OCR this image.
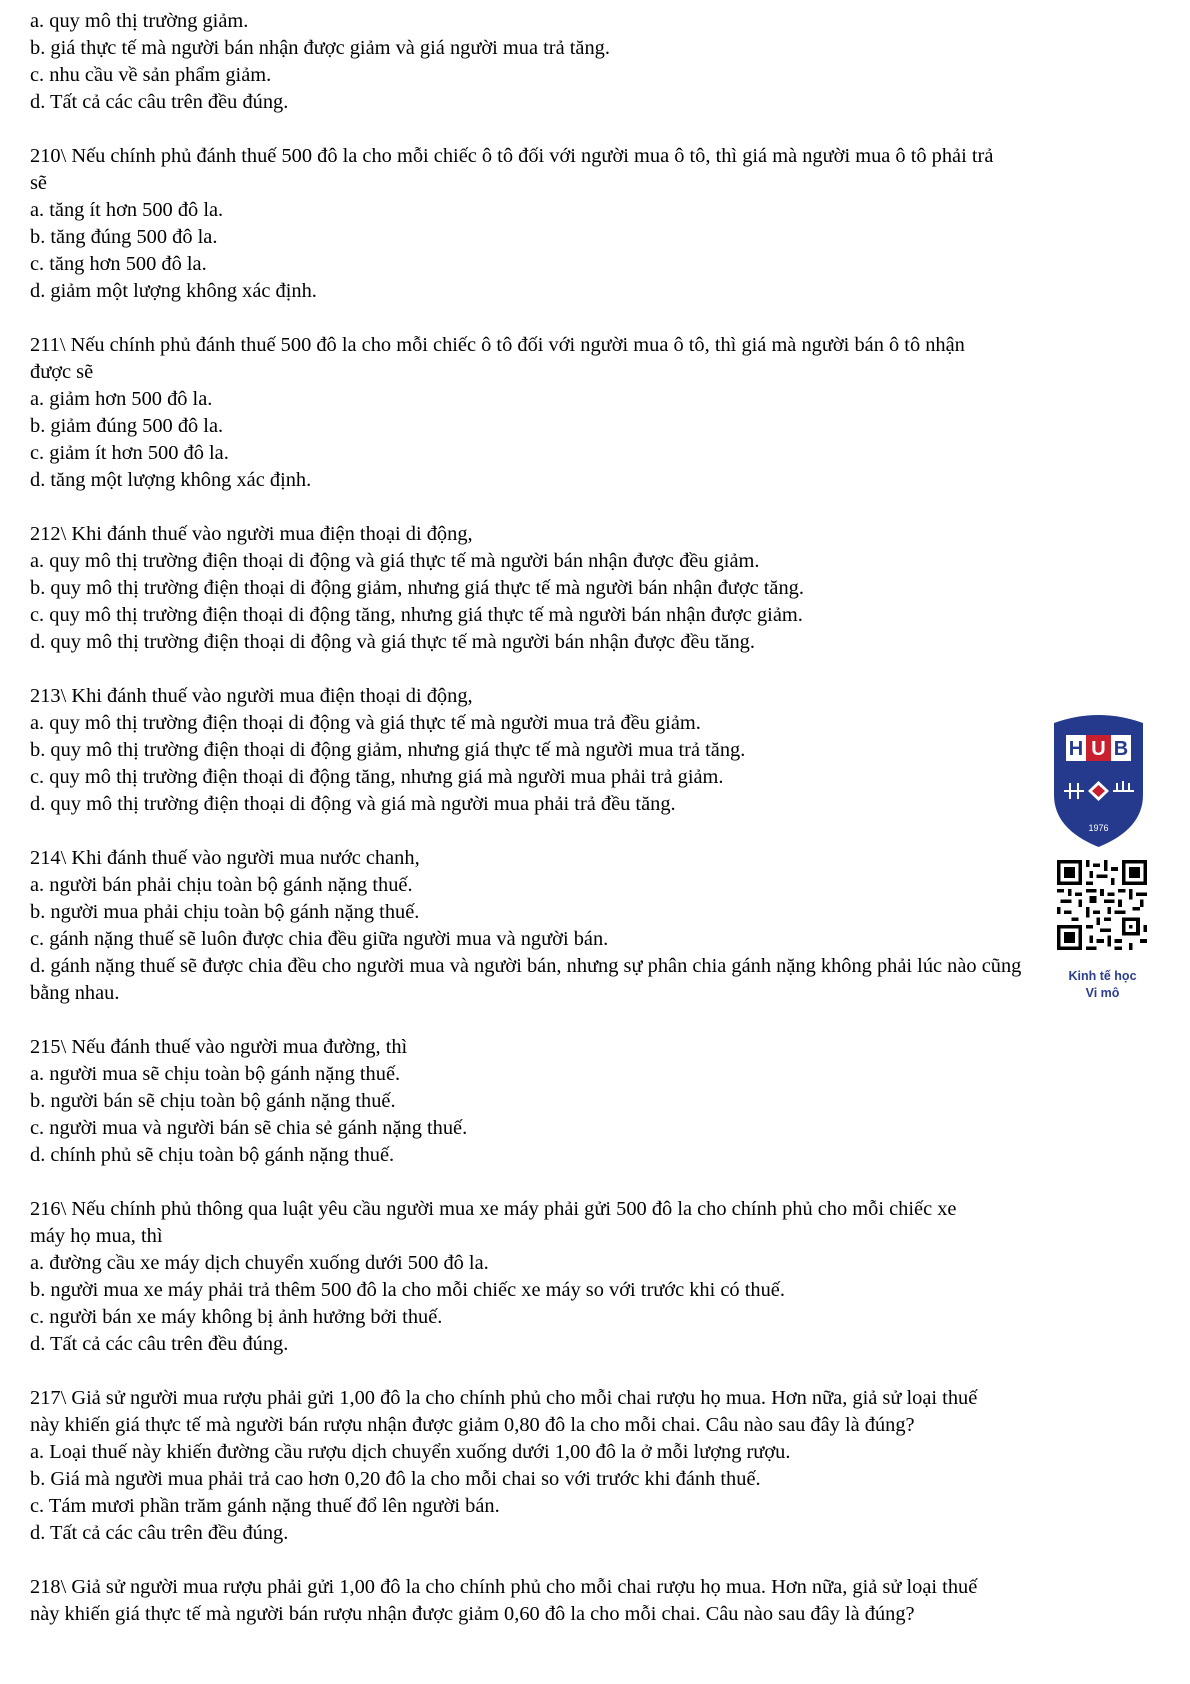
a. quy mô thị trường giảm.

b. giá thực tế mà người bán nhận được giảm và giá người mua trả tăng.

c. nhu cầu về sản phẩm giảm.

d. Tất cả các câu trên đều đúng.

210\ Nếu chính phủ đánh thuế 500 đô la cho mỗi chiếc ô tô đối với người mua ô tô, thì giá mà người mua ô tô phải trả

sẽ

a. tăng ít hơn 500 đô la.

b. tăng đúng 500 đô la.

c. tăng hơn 500 đô la.

d. giảm một lượng không xác định.

211\ Nếu chính phủ đánh thuế 500 đô la cho mỗi chiếc ô tô đối với người mua ô tô, thì giá mà người bán ô tô nhận

được sẽ

a. giảm hơn 500 đô la.

b. giảm đúng 500 đô la.

c. giảm ít hơn 500 đô la.

d. tăng một lượng không xác định.

212\ Khi đánh thuế vào người mua điện thoại di động,

a. quy mô thị trường điện thoại di động và giá thực tế mà người bán nhận được đều giảm.

b. quy mô thị trường điện thoại di động giảm, nhưng giá thực tế mà người bán nhận được tăng.

c. quy mô thị trường điện thoại di động tăng, nhưng giá thực tế mà người bán nhận được giảm.

d. quy mô thị trường điện thoại di động và giá thực tế mà người bán nhận được đều tăng.

213\ Khi đánh thuế vào người mua điện thoại di động,

a. quy mô thị trường điện thoại di động và giá thực tế mà người mua trả đều giảm.

b. quy mô thị trường điện thoại di động giảm, nhưng giá thực tế mà người mua trả tăng.

c. quy mô thị trường điện thoại di động tăng, nhưng giá mà người mua phải trả giảm.

d. quy mô thị trường điện thoại di động và giá mà người mua phải trả đều tăng.

214\ Khi đánh thuế vào người mua nước chanh,

a. người bán phải chịu toàn bộ gánh nặng thuế.

b. người mua phải chịu toàn bộ gánh nặng thuế.

c. gánh nặng thuế sẽ luôn được chia đều giữa người mua và người bán.

d. gánh nặng thuế sẽ được chia đều cho người mua và người bán, nhưng sự phân chia gánh nặng không phải lúc nào cũng bằng nhau.

215\ Nếu đánh thuế vào người mua đường, thì

a. người mua sẽ chịu toàn bộ gánh nặng thuế.

b. người bán sẽ chịu toàn bộ gánh nặng thuế.

c. người mua và người bán sẽ chia sẻ gánh nặng thuế.

d. chính phủ sẽ chịu toàn bộ gánh nặng thuế.

216\ Nếu chính phủ thông qua luật yêu cầu người mua xe máy phải gửi 500 đô la cho chính phủ cho mỗi chiếc xe

máy họ mua, thì

a. đường cầu xe máy dịch chuyển xuống dưới 500 đô la.

b. người mua xe máy phải trả thêm 500 đô la cho mỗi chiếc xe máy so với trước khi có thuế.

c. người bán xe máy không bị ảnh hưởng bởi thuế.

d. Tất cả các câu trên đều đúng.

217\ Giả sử người mua rượu phải gửi 1,00 đô la cho chính phủ cho mỗi chai rượu họ mua. Hơn nữa, giả sử loại thuế

này khiến giá thực tế mà người bán rượu nhận được giảm 0,80 đô la cho mỗi chai. Câu nào sau đây là đúng?

a. Loại thuế này khiến đường cầu rượu dịch chuyển xuống dưới 1,00 đô la ở mỗi lượng rượu.

b. Giá mà người mua phải trả cao hơn 0,20 đô la cho mỗi chai so với trước khi đánh thuế.

c. Tám mươi phần trăm gánh nặng thuế đổ lên người bán.

d. Tất cả các câu trên đều đúng.

218\ Giả sử người mua rượu phải gửi 1,00 đô la cho chính phủ cho mỗi chai rượu họ mua. Hơn nữa, giả sử loại thuế

này khiến giá thực tế mà người bán rượu nhận được giảm 0,60 đô la cho mỗi chai. Câu nào sau đây là đúng?

H U B
1976
Kinh tế học
Vi mô
